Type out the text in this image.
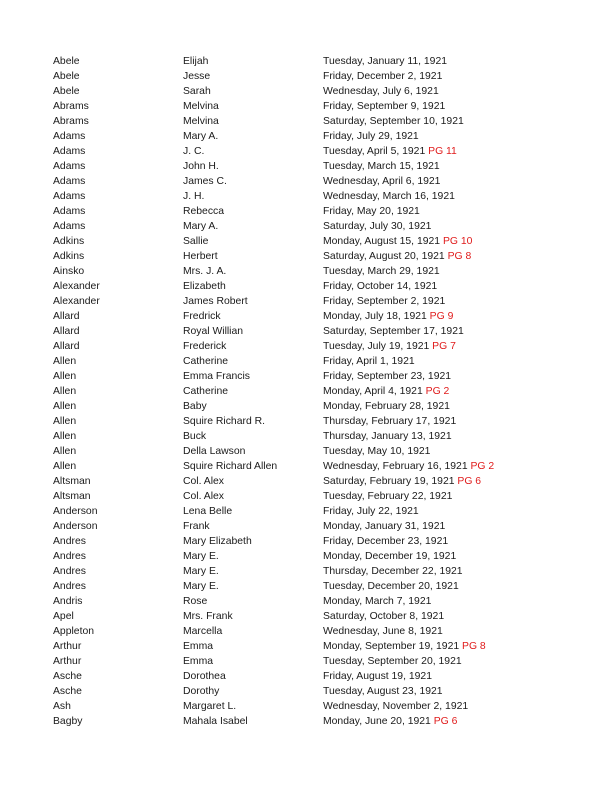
Abele	Elijah	Tuesday, January 11, 1921
Abele	Jesse	Friday, December 2, 1921
Abele	Sarah	Wednesday, July 6, 1921
Abrams	Melvina	Friday, September 9, 1921
Abrams	Melvina	Saturday, September 10, 1921
Adams	Mary A.	Friday, July 29, 1921
Adams	J. C.	Tuesday, April 5, 1921 PG 11
Adams	John H.	Tuesday, March 15, 1921
Adams	James C.	Wednesday, April 6, 1921
Adams	J. H.	Wednesday, March 16, 1921
Adams	Rebecca	Friday, May 20, 1921
Adams	Mary A.	Saturday, July 30, 1921
Adkins	Sallie	Monday, August 15, 1921 PG 10
Adkins	Herbert	Saturday, August 20, 1921 PG 8
Ainsko	Mrs. J. A.	Tuesday, March 29, 1921
Alexander	Elizabeth	Friday, October 14, 1921
Alexander	James Robert	Friday, September 2, 1921
Allard	Fredrick	Monday, July 18, 1921 PG 9
Allard	Royal Willian	Saturday, September 17, 1921
Allard	Frederick	Tuesday, July 19, 1921 PG 7
Allen	Catherine	Friday, April 1, 1921
Allen	Emma Francis	Friday, September 23, 1921
Allen	Catherine	Monday, April 4, 1921 PG 2
Allen	Baby	Monday, February 28, 1921
Allen	Squire Richard R.	Thursday, February 17, 1921
Allen	Buck	Thursday, January 13, 1921
Allen	Della Lawson	Tuesday, May 10, 1921
Allen	Squire Richard Allen	Wednesday, February 16, 1921 PG 2
Altsman	Col. Alex	Saturday, February 19, 1921 PG 6
Altsman	Col. Alex	Tuesday, February 22, 1921
Anderson	Lena Belle	Friday, July 22, 1921
Anderson	Frank	Monday, January 31, 1921
Andres	Mary Elizabeth	Friday, December 23, 1921
Andres	Mary E.	Monday, December 19, 1921
Andres	Mary E.	Thursday, December 22, 1921
Andres	Mary E.	Tuesday, December 20, 1921
Andris	Rose	Monday, March 7, 1921
Apel	Mrs. Frank	Saturday, October 8, 1921
Appleton	Marcella	Wednesday, June 8, 1921
Arthur	Emma	Monday, September 19, 1921 PG 8
Arthur	Emma	Tuesday, September 20, 1921
Asche	Dorothea	Friday, August 19, 1921
Asche	Dorothy	Tuesday, August 23, 1921
Ash	Margaret L.	Wednesday, November 2, 1921
Bagby	Mahala Isabel	Monday, June 20, 1921 PG 6
